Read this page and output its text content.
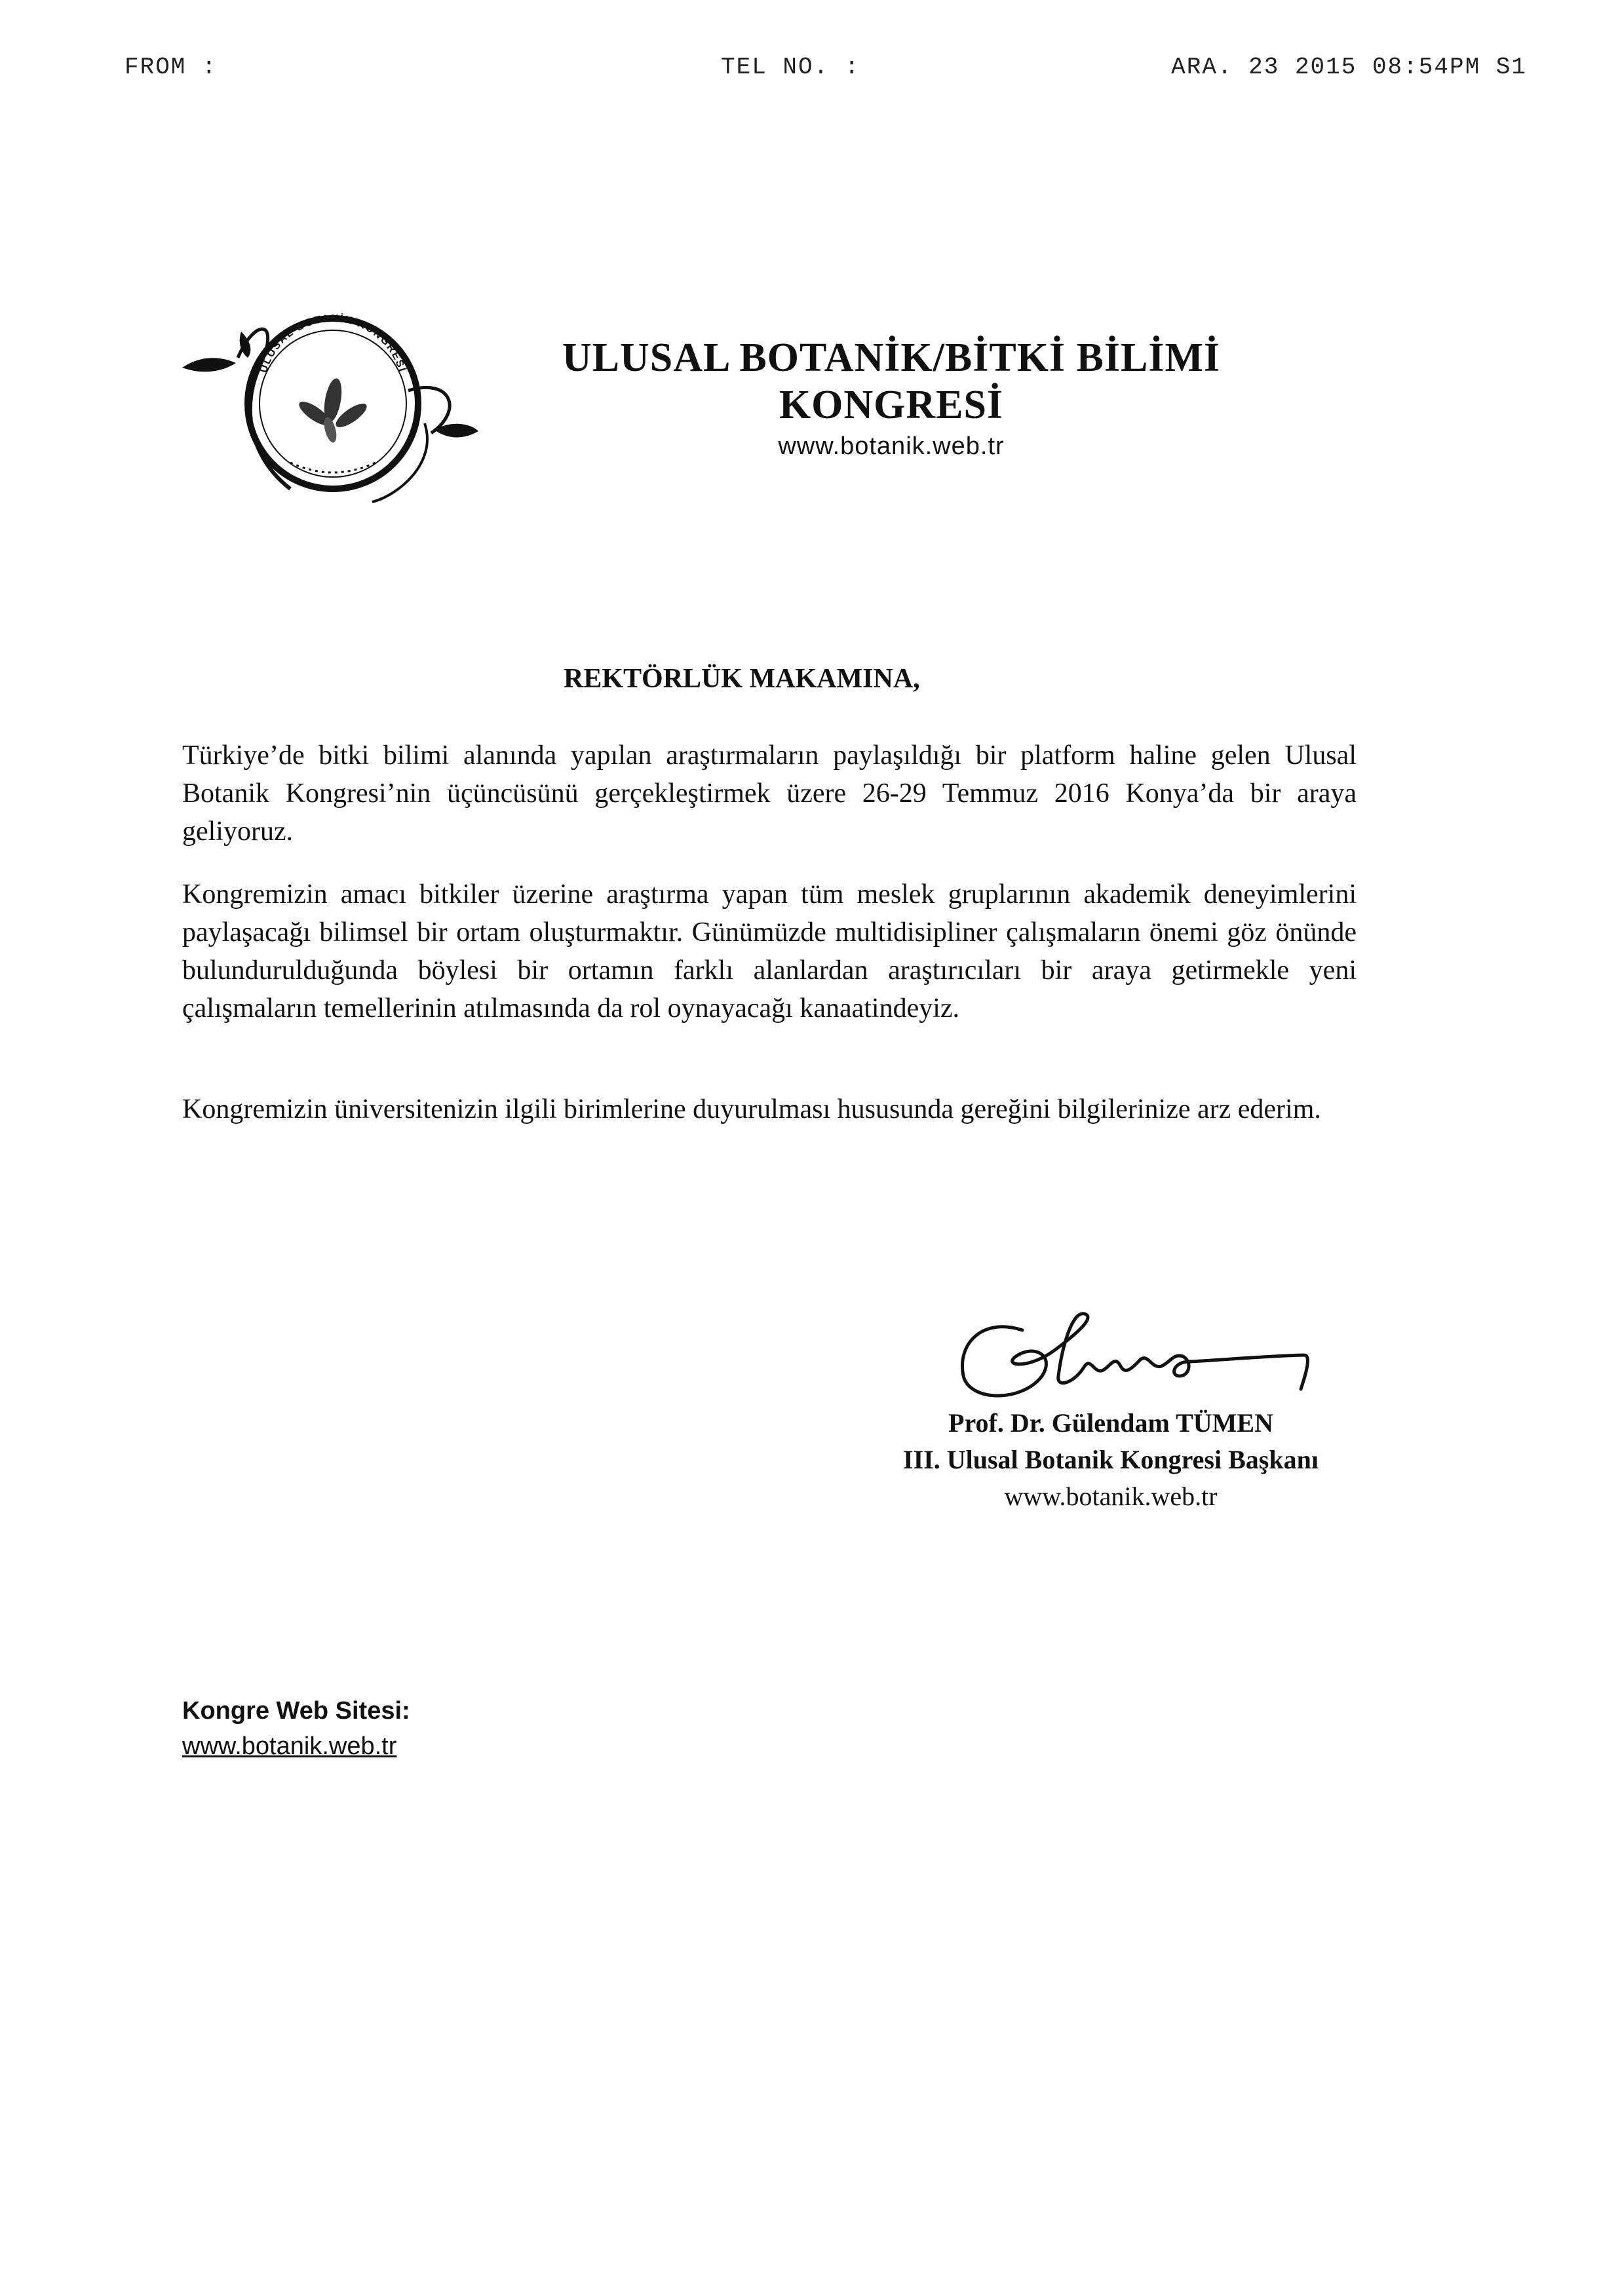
FROM :	TEL NO. :	ARA. 23 2015 08:54PM S1
ULUSAL BOTANİK KONGRESİ	ULUSAL BOTANİK/BİTKİ BİLİMİ
KONGRESİ
www.botanik.web.tr
REKTÖRLÜK MAKAMINA,
Türkiye’de bitki bilimi alanında yapılan araştırmaların paylaşıldığı bir platform haline gelen Ulusal Botanik Kongresi’nin üçüncüsünü gerçekleştirmek üzere 26-29 Temmuz 2016 Konya’da bir araya geliyoruz.
Kongremizin amacı bitkiler üzerine araştırma yapan tüm meslek gruplarının akademik deneyimlerini paylaşacağı bilimsel bir ortam oluşturmaktır. Günümüzde multidisipliner çalışmaların önemi göz önünde bulundurulduğunda böylesi bir ortamın farklı alanlardan araştırıcıları bir araya getirmekle yeni çalışmaların temellerinin atılmasında da rol oynayacağı kanaatindeyiz.
Kongremizin üniversitenizin ilgili birimlerine duyurulması hususunda gereğini bilgilerinize arz ederim.
Prof. Dr. Gülendam TÜMEN
III. Ulusal Botanik Kongresi Başkanı
www.botanik.web.tr
Kongre Web Sitesi:
www.botanik.web.tr
